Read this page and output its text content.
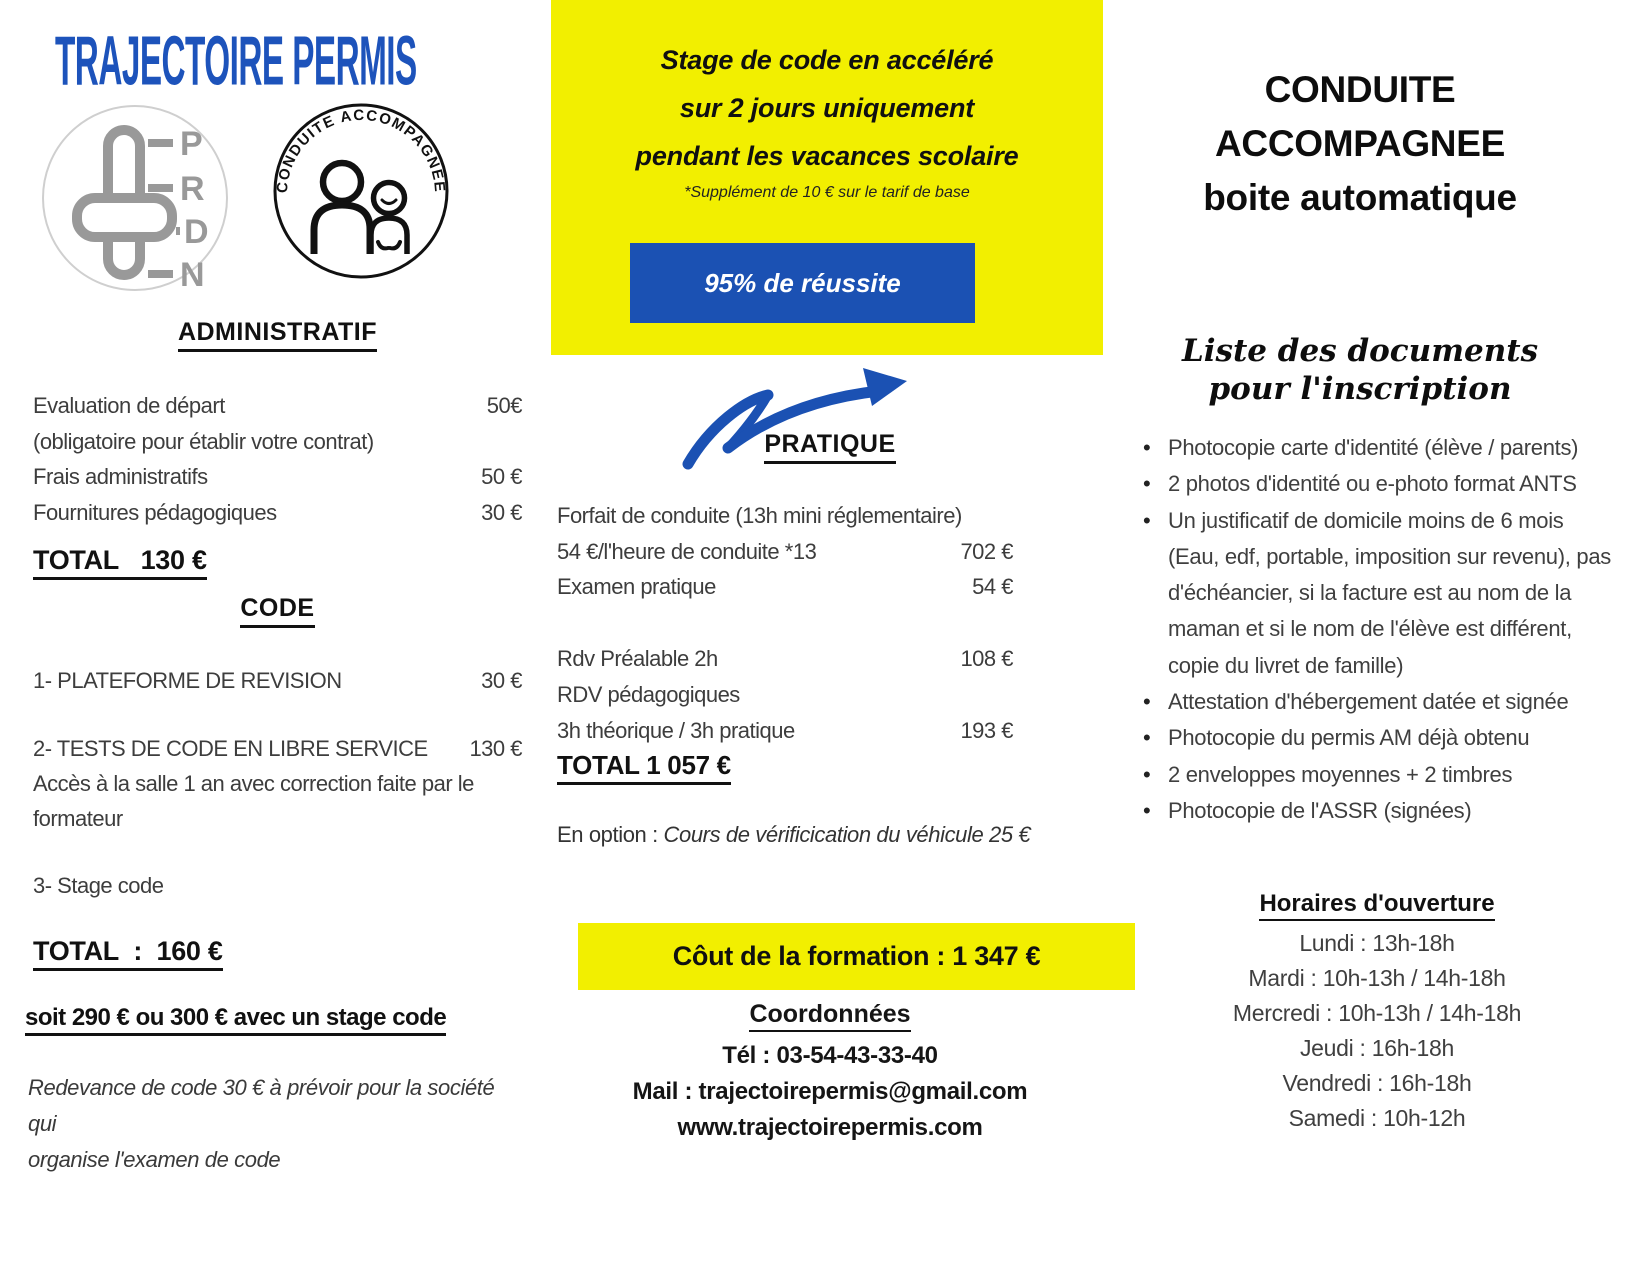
TRAJECTOIRE PERMIS
P
R
D
N
CONDUITE ACCOMPAGNÉE
ADMINISTRATIF
Evaluation de départ	50€
(obligatoire pour établir votre contrat)
Frais administratifs	50 €
Fournitures pédagogiques	30 €
TOTAL   130 €
CODE
1- PLATEFORME DE REVISION	30 €
2- TESTS DE CODE EN LIBRE SERVICE 130 €
Accès à la salle 1 an avec correction faite par le
formateur
3- Stage code
TOTAL  :  160 €
soit 290 € ou 300 € avec un stage code
Redevance de code 30 € à prévoir pour la société qui
organise l'examen de code
Stage de code en accéléré
sur 2 jours uniquement
pendant les vacances scolaire
*Supplément de 10 € sur le tarif de base
95% de réussite
PRATIQUE
Forfait de conduite (13h mini réglementaire)
54 €/l'heure de conduite *13	702 €
Examen pratique	54 €
Rdv Préalable 2h	108 €
RDV pédagogiques
3h théorique / 3h pratique	193 €
TOTAL 1 057 €
En option : Cours de vérificication du véhicule 25 €
Côut de la formation : 1 347 €
Coordonnées
Tél : 03-54-43-33-40
Mail : trajectoirepermis@gmail.com
www.trajectoirepermis.com
CONDUITE
ACCOMPAGNEE
boite automatique
Liste des documents
pour l'inscription
• Photocopie carte d'identité (élève / parents)
• 2 photos d'identité ou e-photo format ANTS
• Un justificatif de domicile moins de 6 mois (Eau, edf, portable, imposition sur revenu), pas d'échéancier, si la facture est au nom de la maman et si le nom de l'élève est différent, copie du livret de famille)
• Attestation d'hébergement datée et signée
• Photocopie du permis AM déjà obtenu
• 2 enveloppes moyennes + 2 timbres
• Photocopie de l'ASSR (signées)
Horaires d'ouverture
Lundi : 13h-18h
Mardi : 10h-13h / 14h-18h
Mercredi : 10h-13h / 14h-18h
Jeudi : 16h-18h
Vendredi : 16h-18h
Samedi : 10h-12h
